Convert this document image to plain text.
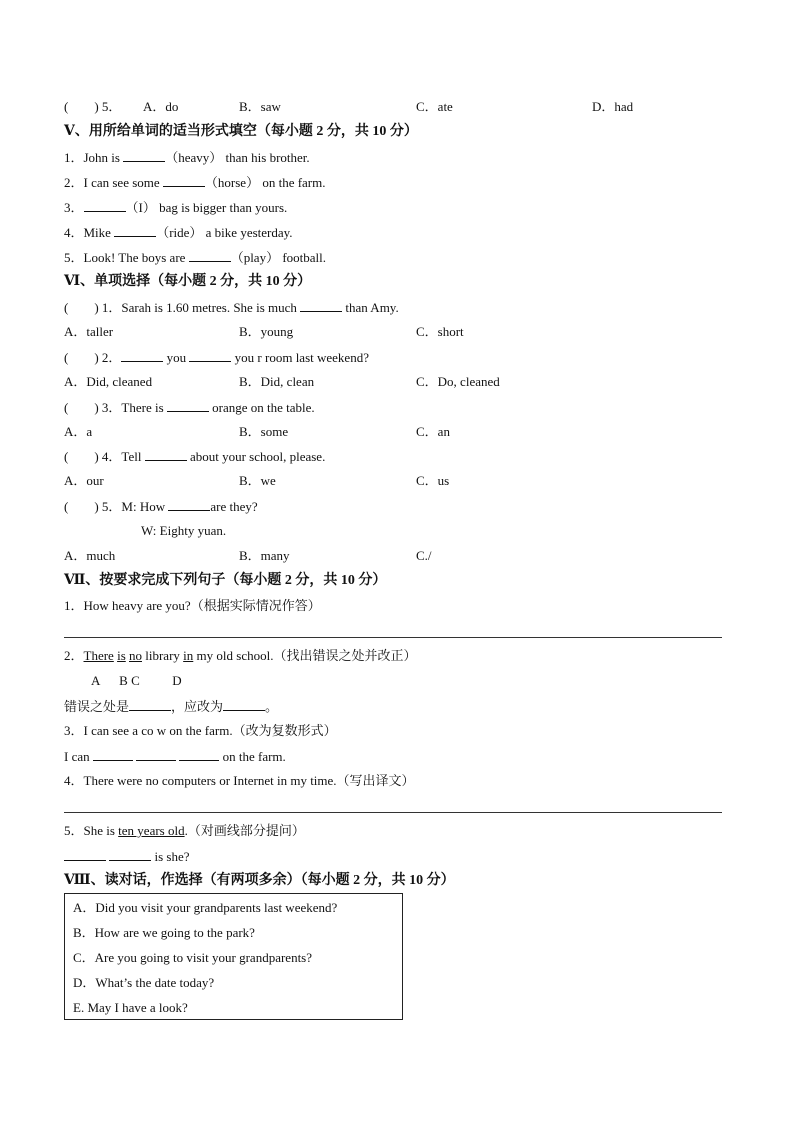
(　　) 5． A．do	B．saw	C．ate	D．had
Ⅴ、用所给单词的适当形式填空（每小题 2 分，共 10 分）
1．John is	（heavy） than his brother.
2．I can see some	（horse） on the farm.
3．	（I） bag is bigger than yours.
4．Mike	（ride） a bike yesterday.
5．Look! The boys are	（play） football.
Ⅵ、单项选择（每小题 2 分，共 10 分）
(　　) 1．Sarah is 1.60 metres. She is much	than Amy.
A．taller	B．young	C．short
(　　) 2．	you	you r room last weekend?
A．Did, cleaned	B．Did, clean	C．Do, cleaned
(　　) 3．There is	orange on the table.
A．a	B．some	C．an
(　　) 4．Tell	about your school, please.
A．our	B．we	C．us
(　　) 5．M: How	are they?
W: Eighty yuan.
A．much	B．many	C./
Ⅶ、按要求完成下列句子（每小题 2 分，共 10 分）
1．How heavy are you?（根据实际情况作答）
2．There is no library in my old school.（找出错误之处并改正）
A      B C          D
错误之处是	，应改为	。
3．I can see a co w on the farm.（改为复数形式）
I can	on the farm.
4．There were no computers or Internet in my time.（写出译文）
5．She is ten years old.（对画线部分提问）
is she?
Ⅷ、读对话，作选择（有两项多余）（每小题 2 分，共 10 分）
A．Did you visit your grandparents last weekend?
B．How are we going to the park?
C．Are you going to visit your grandparents?
D．What’s the date today?
E. May I have a look?
